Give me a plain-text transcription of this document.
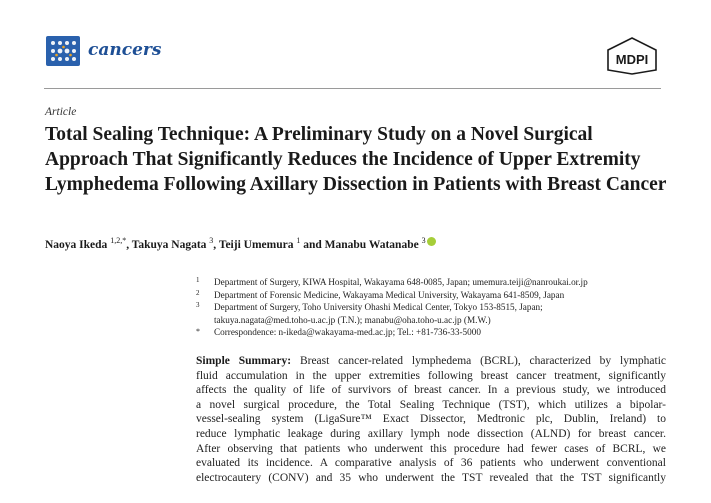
cancers	MDPI
Article
Total Sealing Technique: A Preliminary Study on a Novel Surgical Approach That Significantly Reduces the Incidence of Upper Extremity Lymphedema Following Axillary Dissection in Patients with Breast Cancer
Naoya Ikeda $^{1,2,*}$, Takuya Nagata $^3$, Teiji Umemura $^1$ and Manabu Watanabe $^3$
1 Department of Surgery, KIWA Hospital, Wakayama 648-0085, Japan; umemura.teiji@nanroukai.or.jp
2 Department of Forensic Medicine, Wakayama Medical University, Wakayama 641-8509, Japan
3 Department of Surgery, Toho University Ohashi Medical Center, Tokyo 153-8515, Japan;
takuya.nagata@med.toho-u.ac.jp (T.N.); manabu@oha.toho-u.ac.jp (M.W.)
* Correspondence: n-ikeda@wakayama-med.ac.jp; Tel.: +81-736-33-5000
Simple Summary: Breast cancer-related lymphedema (BCRL), characterized by lymphatic
fluid accumulation in the upper extremities following breast cancer treatment, significantly
affects the quality of life of survivors of breast cancer. In a previous study, we introduced
a novel surgical procedure, the Total Sealing Technique (TST), which utilizes a bipolar-
vessel-sealing system (LigaSure™ Exact Dissector, Medtronic plc, Dublin, Ireland) to
reduce lymphatic leakage during axillary lymph node dissection (ALND) for breast cancer.
After observing that patients who underwent this procedure had fewer cases of BCRL, we
evaluated its incidence. A comparative analysis of 36 patients who underwent conventional
electrocautery (CONV) and 35 who underwent the TST revealed that the TST significantly
